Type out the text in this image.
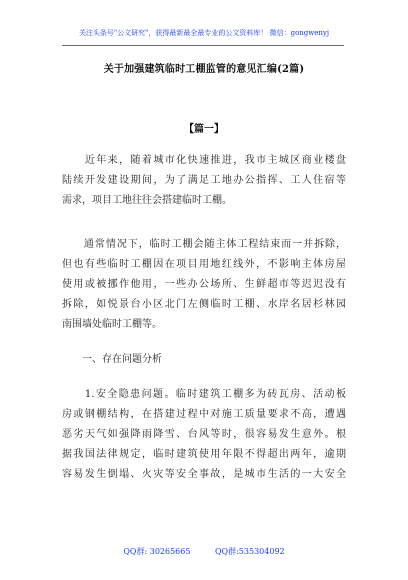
关注头条号"公文研究"，获得最新最全最专业的公文资料库！ 微信：gongwenyj
关于加强建筑临时工棚监管的意见汇编(2篇)
【篇一】
　　近年来，随着城市化快速推进，我市主城区商业楼盘
陆续开发建设期间，为了满足工地办公指挥、工人住宿等
需求，项目工地往往会搭建临时工棚。
　　通常情况下，临时工棚会随主体工程结束而一并拆除，
但也有些临时工棚因在项目用地红线外，不影响主体房屋
使用或被挪作他用，一些办公场所、生鲜超市等迟迟没有
拆除，如悦景台小区北门左侧临时工棚、水岸名居杉林园
南围墙处临时工棚等。
　　一、存在问题分析
　　1.安全隐患问题。临时建筑工棚多为砖瓦房、活动板
房或钢棚结构，在搭建过程中对施工质量要求不高，遭遇
恶劣天气如强降雨降雪、台风等时，很容易发生意外。根
据我国法律规定，临时建筑使用年限不得超出两年，逾期
容易发生倒塌、火灾等安全事故，是城市生活的一大安全
QQ群: 30265665	QQ群:535304092
